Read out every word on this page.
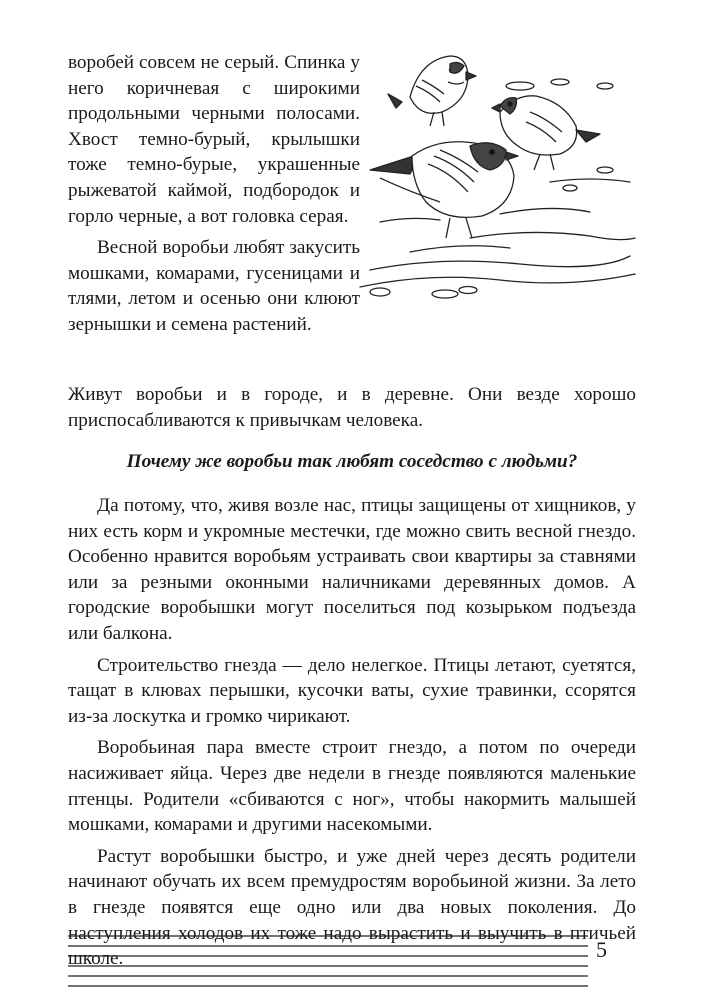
воробей совсем не серый. Спинка у него коричневая с широкими продольными черными полосами. Хвост темно-бурый, крылышки тоже темно-бурые, украшенные рыжеватой каймой, подбородок и горло черные, а вот головка серая.

Весной воробьи любят закусить мошками, комарами, гусеницами и тлями, летом и осенью они клюют зернышки и семена растений.

Живут воробьи и в городе, и в деревне. Они везде хорошо приспосабливаются к привычкам человека.

Почему же воробьи так любят соседство с людьми?

Да потому, что, живя возле нас, птицы защищены от хищников, у них есть корм и укромные местечки, где можно свить весной гнездо. Особенно нравится воробьям устраивать свои квартиры за ставнями или за резными оконными наличниками деревянных домов. А городские воробышки могут поселиться под козырьком подъезда или балкона.

Строительство гнезда — дело нелегкое. Птицы летают, суетятся, тащат в клювах перышки, кусочки ваты, сухие травинки, ссорятся из-за лоскутка и громко чирикают.

Воробьиная пара вместе строит гнездо, а потом по очереди насиживает яйца. Через две недели в гнезде появляются маленькие птенцы. Родители «сбиваются с ног», чтобы накормить малышей мошками, комарами и другими насекомыми.

Растут воробышки быстро, и уже дней через десять родители начинают обучать их всем премудростям воробьиной жизни. За лето в гнезде появятся еще одно или два новых поколения. До наступления холодов их тоже надо вырастить и выучить в птичьей школе.	5
